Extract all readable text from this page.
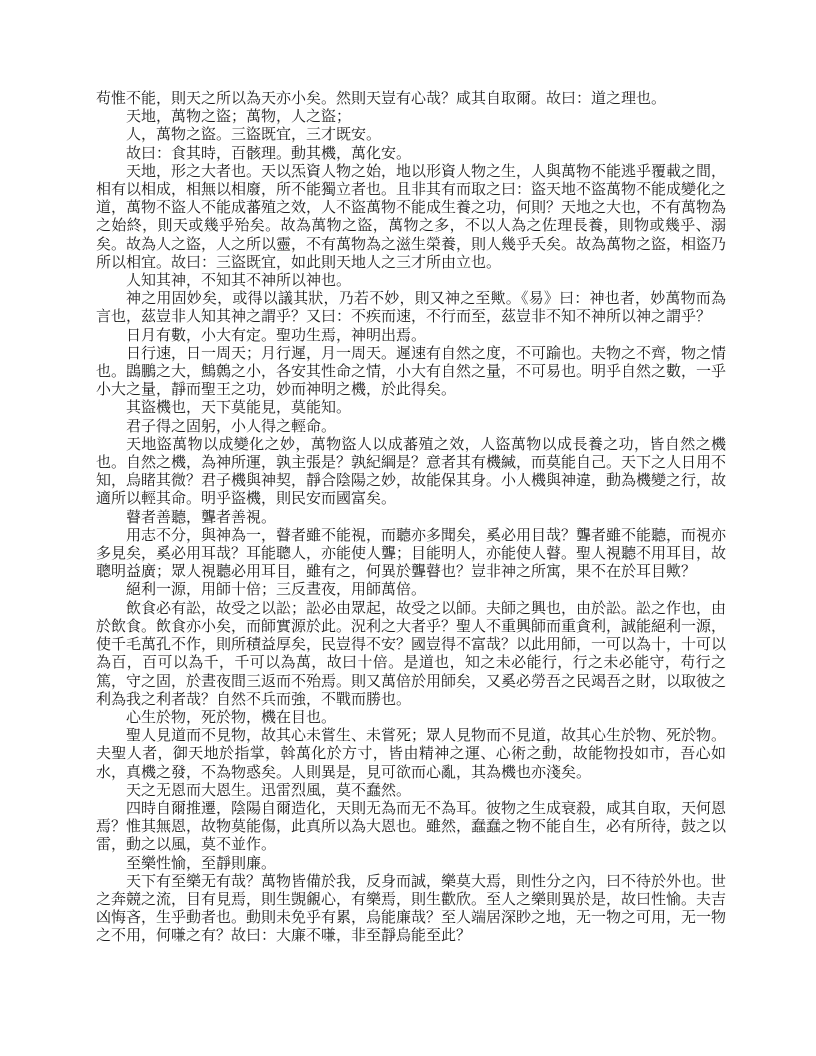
苟惟不能，則天之所以為天亦小矣。然則天豈有心哉？咸其自取爾。故曰：道之理也。

天地，萬物之盜；萬物，人之盜；

人，萬物之盜。三盜既宜，三才既安。

故曰：食其時，百骸理。動其機，萬化安。

天地，形之大者也。天以炁資人物之始，地以形資人物之生，人與萬物不能逃乎覆載之間，相有以相成，相無以相廢，所不能獨立者也。且非其有而取之曰：盜天地不盜萬物不能成變化之道，萬物不盜人不能成蕃殖之效，人不盜萬物不能成生養之功，何則？天地之大也，不有萬物為之始終，則天或幾乎殆矣。故為萬物之盜，萬物之多，不以人為之佐理長養，則物或幾乎、溺矣。故為人之盜，人之所以靈，不有萬物為之滋生榮養，則人幾乎夭矣。故為萬物之盜，相盜乃所以相宜。故曰：三盜既宜，如此則天地人之三才所由立也。

人知其神，不知其不神所以神也。

神之用固妙矣，或得以議其狀，乃若不妙，則又神之至歟。《易》曰：神也者，妙萬物而為言也，茲豈非人知其神之謂乎？又曰：不疾而速，不行而至，茲豈非不知不神所以神之謂乎？

日月有數，小大有定。聖功生焉，神明出焉。

日行速，日一周天；月行遲，月一周天。遲速有自然之度，不可踰也。夫物之不齊，物之情也。鵾鵬之大，鷦鷯之小，各安其性命之情，小大有自然之量，不可易也。明乎自然之數，一乎小大之量，靜而聖王之功，妙而神明之機，於此得矣。

其盜機也，天下莫能見，莫能知。

君子得之固躬，小人得之輕命。

天地盜萬物以成變化之妙，萬物盜人以成蕃殖之效，人盜萬物以成長養之功，皆自然之機也。自然之機，為神所運，孰主張是？孰紀綱是？意者其有機緘，而莫能自己。天下之人日用不知，烏睹其微？君子機與神契，靜合陰陽之妙，故能保其身。小人機與神違，動為機變之行，故適所以輕其命。明乎盜機，則民安而國富矣。

瞽者善聽，聾者善視。

用志不分，與神為一，瞽者雖不能視，而聽亦多聞矣，奚必用目哉？聾者雖不能聽，而視亦多見矣，奚必用耳哉？耳能聰人，亦能使人聾；目能明人，亦能使人瞽。聖人視聽不用耳目，故聰明益廣；眾人視聽必用耳目，雖有之，何異於聾瞽也？豈非神之所寓，果不在於耳目歟？

絕利一源，用師十倍；三反晝夜，用師萬倍。

飲食必有訟，故受之以訟；訟必由眾起，故受之以師。夫師之興也，由於訟。訟之作也，由於飲食。飲食亦小矣，而師實源於此。況利之大者乎？聖人不重興師而重貪利，誠能絕利一源，使千毛萬孔不作，則所積益厚矣，民豈得不安？國豈得不富哉？以此用師，一可以為十，十可以為百，百可以為千，千可以為萬，故曰十倍。是道也，知之未必能行，行之未必能守，苟行之篤，守之固，於晝夜間三返而不殆焉。則又萬倍於用師矣，又奚必勞吾之民竭吾之財，以取彼之利為我之利者哉？自然不兵而強，不戰而勝也。

心生於物，死於物，機在目也。

聖人見道而不見物，故其心未嘗生、未嘗死；眾人見物而不見道，故其心生於物、死於物。夫聖人者，御天地於指掌，斡萬化於方寸，皆由精神之運、心術之動，故能物投如市，吾心如水，真機之發，不為物惑矣。人則異是，見可欲而心亂，其為機也亦淺矣。

天之无恩而大恩生。迅雷烈風，莫不蠢然。

四時自爾推遷，陰陽自爾造化，天則无為而无不為耳。彼物之生成衰殺，咸其自取，天何恩焉？惟其無恩，故物莫能傷，此真所以為大恩也。雖然，蠢蠢之物不能自生，必有所待，鼓之以雷，動之以風，莫不並作。

至樂性愉，至靜則廉。

天下有至樂无有哉？萬物皆備於我，反身而誠，樂莫大焉，則性分之內，曰不待於外也。世之奔競之流，目有見焉，則生覬覦心，有樂焉，則生歡欣。至人之樂則異於是，故曰性愉。夫吉凶悔吝，生乎動者也。動則未免乎有累，烏能廉哉？至人端居深眇之地，无一物之可用，无一物之不用，何嗛之有？故曰：大廉不嗛，非至靜烏能至此？
